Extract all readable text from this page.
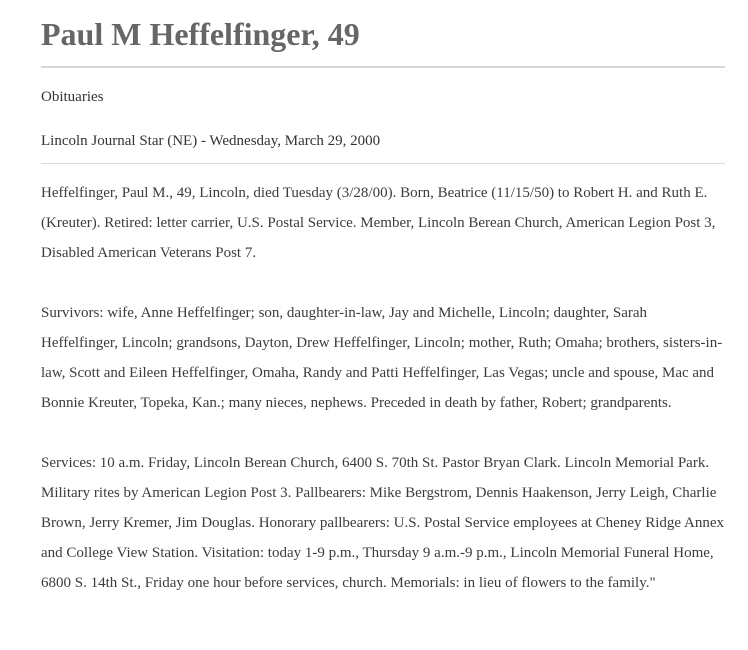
Paul M Heffelfinger, 49
Obituaries
Lincoln Journal Star (NE) - Wednesday, March 29, 2000

Heffelfinger, Paul M., 49, Lincoln, died Tuesday (3/28/00). Born, Beatrice (11/15/50) to Robert H. and Ruth E. (Kreuter). Retired: letter carrier, U.S. Postal Service. Member, Lincoln Berean Church, American Legion Post 3, Disabled American Veterans Post 7.

Survivors: wife, Anne Heffelfinger; son, daughter-in-law, Jay and Michelle, Lincoln; daughter, Sarah Heffelfinger, Lincoln; grandsons, Dayton, Drew Heffelfinger, Lincoln; mother, Ruth; Omaha; brothers, sisters-in-law, Scott and Eileen Heffelfinger, Omaha, Randy and Patti Heffelfinger, Las Vegas; uncle and spouse, Mac and Bonnie Kreuter, Topeka, Kan.; many nieces, nephews. Preceded in death by father, Robert; grandparents.

Services: 10 a.m. Friday, Lincoln Berean Church, 6400 S. 70th St. Pastor Bryan Clark. Lincoln Memorial Park. Military rites by American Legion Post 3. Pallbearers: Mike Bergstrom, Dennis Haakenson, Jerry Leigh, Charlie Brown, Jerry Kremer, Jim Douglas. Honorary pallbearers: U.S. Postal Service employees at Cheney Ridge Annex and College View Station. Visitation: today 1-9 p.m., Thursday 9 a.m.-9 p.m., Lincoln Memorial Funeral Home, 6800 S. 14th St., Friday one hour before services, church. Memorials: in lieu of flowers to the family."
